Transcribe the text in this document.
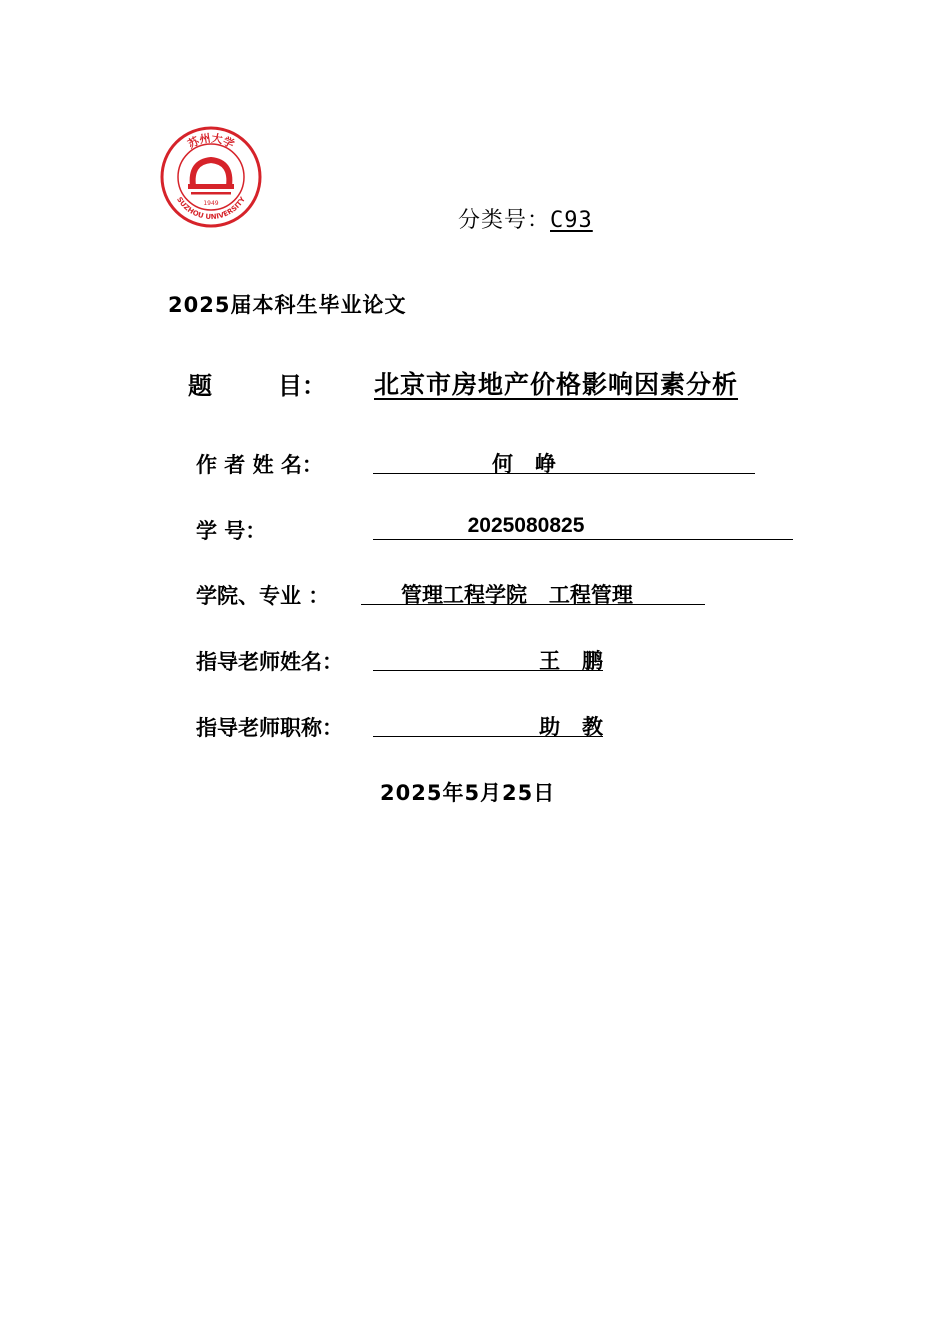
苏州大学
1949
SUZHOU UNIVERSITY
分类号：C93
2025届本科生毕业论文
题	目： 北京市房地产价格影响因素分析
作 者 姓 名：	何   峥
学 号：	2025080825
学院、专业 ：	管理工程学院   工程管理
指导老师姓名：	王   鹏
指导老师职称：	助   教
2025年5月25日
